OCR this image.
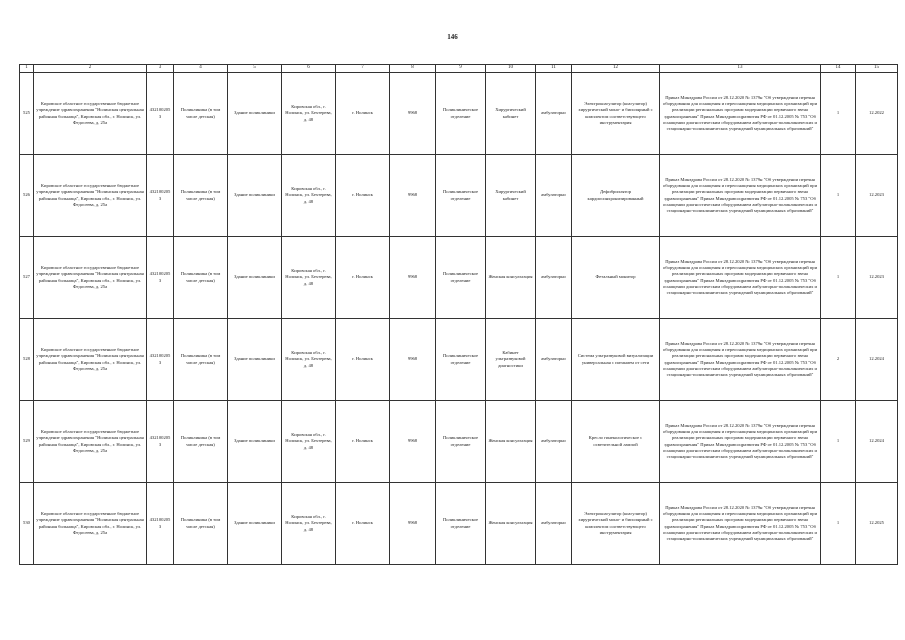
146
1	2	3	4	5	6	7	8	9	10	11	12	13	14	15
525	Кировское областное государственное бюджетное учреждение здравоохранения "Нолинская центральная районная больница", Кировская обл., г. Нолинск, ул. Федосеева, д. 25а	4321002053	Поликлиника (в том числе детская)	Здание поликлиники	Кировская обл., г. Нолинск, ул. Бехтерева, д. 48	г. Нолинск	9968	Поликлиническое отделение	Хирургический кабинет	амбулаторно	Электрокоагулятор (коагулятор) хирургический моно- и биполярный с комплектом соответствующего инструментария	Приказ Минздрава России от 28.12.2020 № 1379н "Об утверждении перечня оборудования для оснащения и переоснащения медицинских организаций при реализации региональных программ модернизации первичного звена здравоохранения" Приказ Минздравсоцразвития РФ от 01.12.2005 № 753 "Об оснащении диагностическим оборудованием амбулаторно-поликлинических и стационарно-поликлинических учреждений муниципальных образований"	1	12.2022
526	Кировское областное государственное бюджетное учреждение здравоохранения "Нолинская центральная районная больница", Кировская обл., г. Нолинск, ул. Федосеева, д. 25а	4321002053	Поликлиника (в том числе детская)	Здание поликлиники	Кировская обл., г. Нолинск, ул. Бехтерева, д. 48	г. Нолинск	9968	Поликлиническое отделение	Хирургический кабинет	амбулаторно	Дефибриллятор кардиосинхронизированный	Приказ Минздрава России от 28.12.2020 № 1379н "Об утверждении перечня оборудования для оснащения и переоснащения медицинских организаций при реализации региональных программ модернизации первичного звена здравоохранения" Приказ Минздравсоцразвития РФ от 01.12.2005 № 753 "Об оснащении диагностическим оборудованием амбулаторно-поликлинических и стационарно-поликлинических учреждений муниципальных образований"	1	12.2023
527	Кировское областное государственное бюджетное учреждение здравоохранения "Нолинская центральная районная больница", Кировская обл., г. Нолинск, ул. Федосеева, д. 25а	4321002053	Поликлиника (в том числе детская)	Здание поликлиники	Кировская обл., г. Нолинск, ул. Бехтерева, д. 48	г. Нолинск	9968	Поликлиническое отделение	Женская консультация	амбулаторно	Фетальный монитор	Приказ Минздрава России от 28.12.2020 № 1379н "Об утверждении перечня оборудования для оснащения и переоснащения медицинских организаций при реализации региональных программ модернизации первичного звена здравоохранения" Приказ Минздравсоцразвития РФ от 01.12.2005 № 753 "Об оснащении диагностическим оборудованием амбулаторно-поликлинических и стационарно-поликлинических учреждений муниципальных образований"	1	12.2023
528	Кировское областное государственное бюджетное учреждение здравоохранения "Нолинская центральная районная больница", Кировская обл., г. Нолинск, ул. Федосеева, д. 25а	4321002053	Поликлиника (в том числе детская)	Здание поликлиники	Кировская обл., г. Нолинск, ул. Бехтерева, д. 48	г. Нолинск	9968	Поликлиническое отделение	Кабинет ультразвуковой диагностики	амбулаторно	Система ультразвуковой визуализации универсальная с питанием от сети	Приказ Минздрава России от 28.12.2020 № 1379н "Об утверждении перечня оборудования для оснащения и переоснащения медицинских организаций при реализации региональных программ модернизации первичного звена здравоохранения" Приказ Минздравсоцразвития РФ от 01.12.2005 № 753 "Об оснащении диагностическим оборудованием амбулаторно-поликлинических и стационарно-поликлинических учреждений муниципальных образований"	2	12.2024
529	Кировское областное государственное бюджетное учреждение здравоохранения "Нолинская центральная районная больница", Кировская обл., г. Нолинск, ул. Федосеева, д. 25а	4321002053	Поликлиника (в том числе детская)	Здание поликлиники	Кировская обл., г. Нолинск, ул. Бехтерева, д. 48	г. Нолинск	9968	Поликлиническое отделение	Женская консультация	амбулаторно	Кресло гинекологическое с осветительной лампой	Приказ Минздрава России от 28.12.2020 № 1379н "Об утверждении перечня оборудования для оснащения и переоснащения медицинских организаций при реализации региональных программ модернизации первичного звена здравоохранения" Приказ Минздравсоцразвития РФ от 01.12.2005 № 753 "Об оснащении диагностическим оборудованием амбулаторно-поликлинических и стационарно-поликлинических учреждений муниципальных образований"	1	12.2024
530	Кировское областное государственное бюджетное учреждение здравоохранения "Нолинская центральная районная больница", Кировская обл., г. Нолинск, ул. Федосеева, д. 25а	4321002053	Поликлиника (в том числе детская)	Здание поликлиники	Кировская обл., г. Нолинск, ул. Бехтерева, д. 48	г. Нолинск	9968	Поликлиническое отделение	Женская консультация	амбулаторно	Электрокоагулятор (коагулятор) хирургический моно- и биполярный с комплектом соответствующего инструментария	Приказ Минздрава России от 28.12.2020 № 1379н "Об утверждении перечня оборудования для оснащения и переоснащения медицинских организаций при реализации региональных программ модернизации первичного звена здравоохранения" Приказ Минздравсоцразвития РФ от 01.12.2005 № 753 "Об оснащении диагностическим оборудованием амбулаторно-поликлинических и стационарно-поликлинических учреждений муниципальных образований"	1	12.2025
